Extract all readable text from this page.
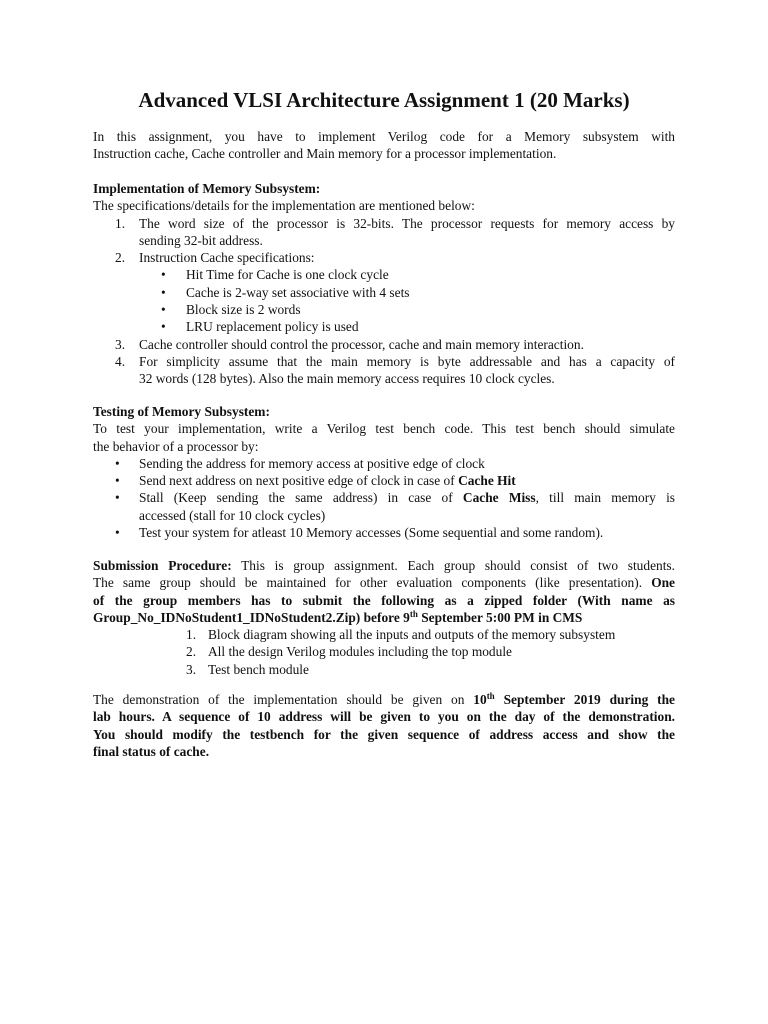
Advanced VLSI Architecture Assignment 1 (20 Marks)
In this assignment, you have to implement Verilog code for a Memory subsystem with
Instruction cache, Cache controller and Main memory for a processor implementation.
Implementation of Memory Subsystem:
The specifications/details for the implementation are mentioned below:
1. The word size of the processor is 32-bits. The processor requests for memory access by
sending 32-bit address.
2. Instruction Cache specifications:
• Hit Time for Cache is one clock cycle
• Cache is 2-way set associative with 4 sets
• Block size is 2 words
• LRU replacement policy is used
3. Cache controller should control the processor, cache and main memory interaction.
4. For simplicity assume that the main memory is byte addressable and has a capacity of
32 words (128 bytes). Also the main memory access requires 10 clock cycles.
Testing of Memory Subsystem:
To test your implementation, write a Verilog test bench code. This test bench should simulate
the behavior of a processor by:
• Sending the address for memory access at positive edge of clock
• Send next address on next positive edge of clock in case of Cache Hit
• Stall (Keep sending the same address) in case of Cache Miss, till main memory is
accessed (stall for 10 clock cycles)
• Test your system for atleast 10 Memory accesses (Some sequential and some random).
Submission Procedure: This is group assignment. Each group should consist of two students.
The same group should be maintained for other evaluation components (like presentation). One
of the group members has to submit the following as a zipped folder (With name as
Group_No_IDNoStudent1_IDNoStudent2.Zip) before 9th September 5:00 PM in CMS
1. Block diagram showing all the inputs and outputs of the memory subsystem
2. All the design Verilog modules including the top module
3. Test bench module
The demonstration of the implementation should be given on 10th September 2019 during the
lab hours. A sequence of 10 address will be given to you on the day of the demonstration.
You should modify the testbench for the given sequence of address access and show the
final status of cache.
